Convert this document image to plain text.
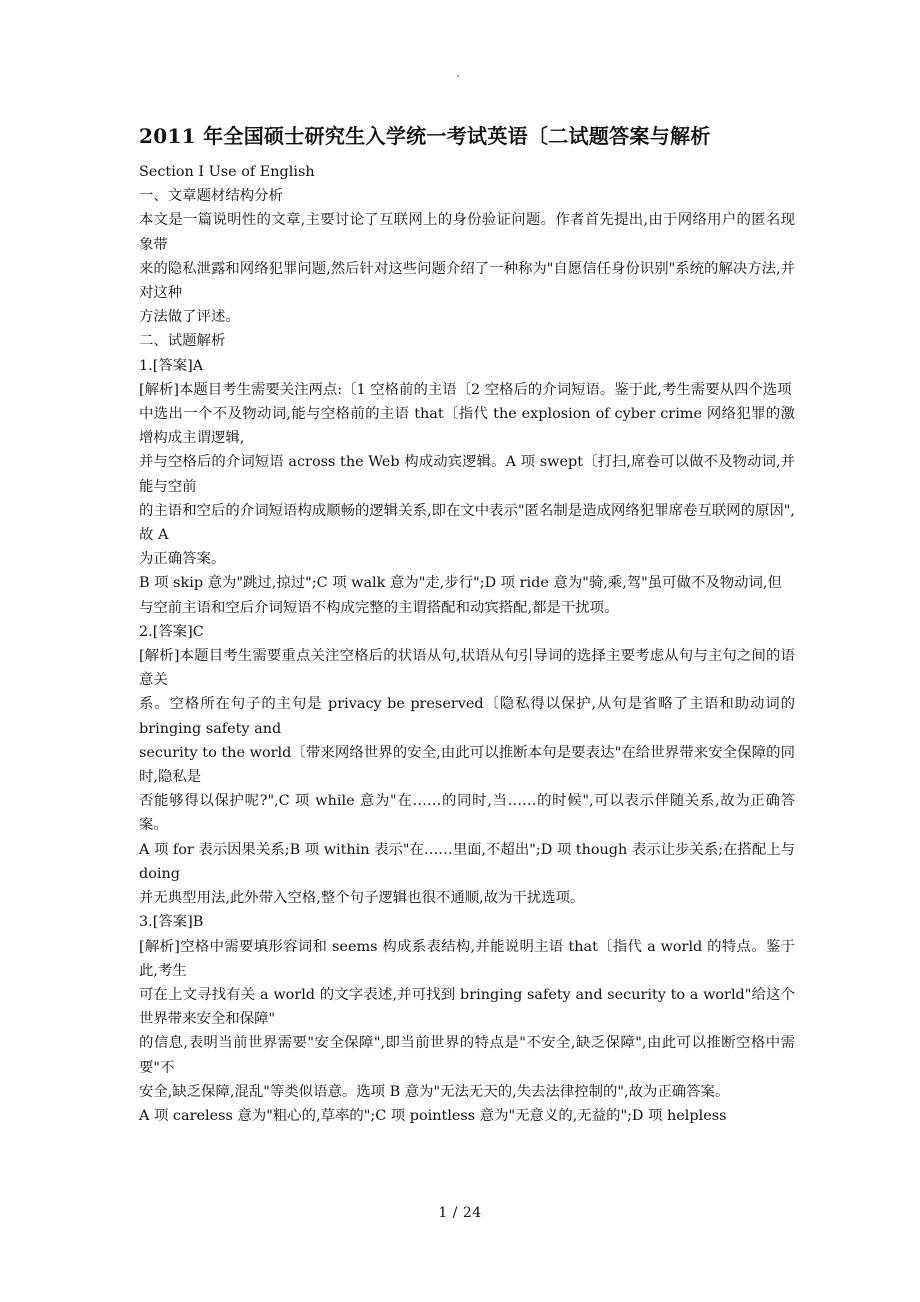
.
2011 年全国硕士研究生入学统一考试英语〔二试题答案与解析
Section I Use of English
一、文章题材结构分析
本文是一篇说明性的文章,主要讨论了互联网上的身份验证问题。作者首先提出,由于网络用户的匿名现象带
来的隐私泄露和网络犯罪问题,然后针对这些问题介绍了一种称为"自愿信任身份识别"系统的解决方法,并对这种
方法做了评述。
二、试题解析
1.[答案]A
[解析]本题目考生需要关注两点:〔1 空格前的主语〔2 空格后的介词短语。鉴于此,考生需要从四个选项
中选出一个不及物动词,能与空格前的主语 that〔指代 the explosion of cyber crime 网络犯罪的激增构成主谓逻辑,
并与空格后的介词短语 across the Web 构成动宾逻辑。A 项 swept〔打扫,席卷可以做不及物动词,并能与空前
的主语和空后的介词短语构成顺畅的逻辑关系,即在文中表示"匿名制是造成网络犯罪席卷互联网的原因",故 A
为正确答案。
B 项 skip 意为"跳过,掠过";C 项 walk 意为"走,步行";D 项 ride 意为"骑,乘,驾"虽可做不及物动词,但
与空前主语和空后介词短语不构成完整的主谓搭配和动宾搭配,都是干扰项。
2.[答案]C
[解析]本题目考生需要重点关注空格后的状语从句,状语从句引导词的选择主要考虑从句与主句之间的语意关
系。空格所在句子的主句是 privacy be preserved〔隐私得以保护,从句是省略了主语和助动词的 bringing safety and
security to the world〔带来网络世界的安全,由此可以推断本句是要表达"在给世界带来安全保障的同时,隐私是
否能够得以保护呢?",C 项 while 意为"在……的同时,当……的时候",可以表示伴随关系,故为正确答案。
A 项 for 表示因果关系;B 项 within 表示"在……里面,不超出";D 项 though 表示让步关系;在搭配上与 doing
并无典型用法,此外带入空格,整个句子逻辑也很不通顺,故为干扰选项。
3.[答案]B
[解析]空格中需要填形容词和 seems 构成系表结构,并能说明主语 that〔指代 a world 的特点。鉴于此,考生
可在上文寻找有关 a world 的文字表述,并可找到 bringing safety and security to a world"给这个世界带来安全和保障"
的信息,表明当前世界需要"安全保障",即当前世界的特点是"不安全,缺乏保障",由此可以推断空格中需要"不
安全,缺乏保障,混乱"等类似语意。选项 B 意为"无法无天的,失去法律控制的",故为正确答案。
A 项 careless 意为"粗心的,草率的";C 项 pointless 意为"无意义的,无益的";D 项 helpless
1 / 24
